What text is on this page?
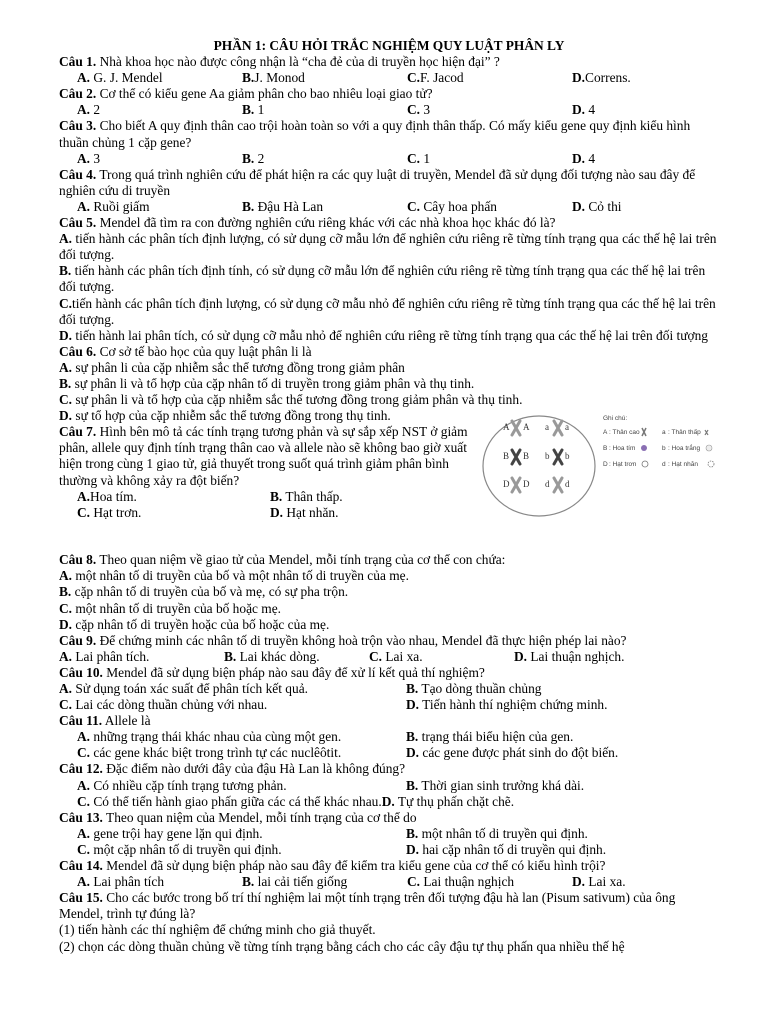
PHẦN 1: CÂU HỎI TRẮC NGHIỆM QUY LUẬT PHÂN LY
Câu 1. Nhà khoa học nào được công nhận là “cha đẻ của di truyền học hiện đại” ?
A. G. J. Mendel	B.J. Monod	C.F. Jacod	D.Correns.
Câu 2. Cơ thể có kiểu gene Aa giảm phân cho bao nhiêu loại giao tử?
A. 2	B. 1	C. 3	D. 4
Câu 3. Cho biết A quy định thân cao trội hoàn toàn so với a quy định thân thấp. Có mấy kiểu gene quy định kiểu hình thuần chủng 1 cặp gene?
A. 3	B. 2	C. 1	D. 4
Câu 4. Trong quá trình nghiên cứu để phát hiện ra các quy luật di truyền, Mendel đã sử dụng đối tượng nào sau đây để nghiên cứu di truyền
A. Ruồi giấm	B. Đậu Hà Lan	C. Cây hoa phấn	D. Cỏ thi
Câu 5. Mendel đã tìm ra con đường nghiên cứu riêng khác với các nhà khoa học khác đó là?
A. tiến hành các phân tích định lượng, có sử dụng cỡ mẫu lớn để nghiên cứu riêng rẽ từng tính trạng qua các thế hệ lai trên đối tượng.
B. tiến hành các phân tích định tính, có sử dụng cỡ mẫu lớn để nghiên cứu riêng rẽ từng tính trạng qua các thế hệ lai trên đối tượng.
C.tiến hành các phân tích định lượng, có sử dụng cỡ mẫu nhỏ để nghiên cứu riêng rẽ từng tính trạng qua các thế hệ lai trên đối tượng.
D. tiến hành lai phân tích, có sử dụng cỡ mẫu nhỏ để nghiên cứu riêng rẽ từng tính trạng qua các thế hệ lai trên đối tượng
Câu 6. Cơ sở tế bào học của quy luật phân li là
A. sự phân li của cặp nhiễm sắc thể tương đồng trong giảm phân
B. sự phân li và tổ hợp của cặp nhân tố di truyền trong giảm phân và thụ tinh.
C. sự phân li và tổ hợp của cặp nhiễm sắc thể tương đồng trong giảm phân và thụ tinh.
D. sự tổ hợp của cặp nhiễm sắc thể tương đồng trong thụ tinh.
Câu 7. Hình bên mô tả các tính trạng tương phản và sự sắp xếp NST ở giảm phân, allele quy định tính trạng thân cao và allele nào sẽ không bao giờ xuất hiện trong cùng 1 giao tử, giả thuyết trong suốt quá trình giảm phân bình thường và không xảy ra đột biến?
A.Hoa tím.	B. Thân thấp.
C. Hạt trơn.	D. Hạt nhăn.
A A a a
B B b b
D D d d
Ghi chú:
A : Thân cao	a : Thân thấp
B : Hoa tím	b : Hoa trắng
D : Hạt trơn	d : Hạt nhăn
Câu 8. Theo quan niệm về giao tử của Mendel, mỗi tính trạng của cơ thể con chứa:
A. một nhân tố di truyền của bố và một nhân tố di truyền của mẹ.
B. cặp nhân tố di truyền của bố và mẹ, có sự pha trộn.
C. một nhân tố di truyền của bố hoặc mẹ.
D. cặp nhân tố di truyền hoặc của bố hoặc của mẹ.
Câu 9. Để chứng minh các nhân tố di truyền không hoà trộn vào nhau, Mendel đã thực hiện phép lai nào?
A. Lai phân tích.	B. Lai khác dòng.	C. Lai xa.	D. Lai thuận nghịch.
Câu 10. Mendel đã sử dụng biện pháp nào sau đây để xử lí kết quả thí nghiệm?
A. Sử dụng toán xác suất để phân tích kết quả.	B. Tạo dòng thuần chủng
C. Lai các dòng thuần chủng với nhau.	D. Tiến hành thí nghiệm chứng minh.
Câu 11. Allele là
A. những trạng thái khác nhau của cùng một gen.	B. trạng thái biểu hiện của gen.
C. các gene khác biệt trong trình tự các nuclêôtit.	D. các gene được phát sinh do đột biến.
Câu 12. Đặc điểm nào dưới đây của đậu Hà Lan là không đúng?
A. Có nhiều cặp tính trạng tương phản.	B. Thời gian sinh trưởng khá dài.
C. Có thể tiến hành giao phấn giữa các cá thể khác nhau.D. Tự thụ phấn chặt chẽ.
Câu 13. Theo quan niệm của Mendel, mỗi tính trạng của cơ thể do
A. gene trội hay gene lặn qui định.	B. một nhân tố di truyền qui định.
C. một cặp nhân tố di truyền qui định.	D. hai cặp nhân tố di truyền qui định.
Câu 14. Mendel đã sử dụng biện pháp nào sau đây để kiểm tra kiểu gene của cơ thể có kiểu hình trội?
A. Lai phân tích	B. lai cải tiến giống	C. Lai thuận nghịch	D. Lai xa.
Câu 15. Cho các bước trong bố trí thí nghiệm lai một tính trạng trên đối tượng đậu hà lan (Pisum sativum) của ông Mendel, trình tự đúng là?
(1) tiến hành các thí nghiệm để chứng minh cho giả thuyết.
(2) chọn các dòng thuần chủng về từng tính trạng bằng cách cho các cây đậu tự thụ phấn qua nhiều thế hệ
